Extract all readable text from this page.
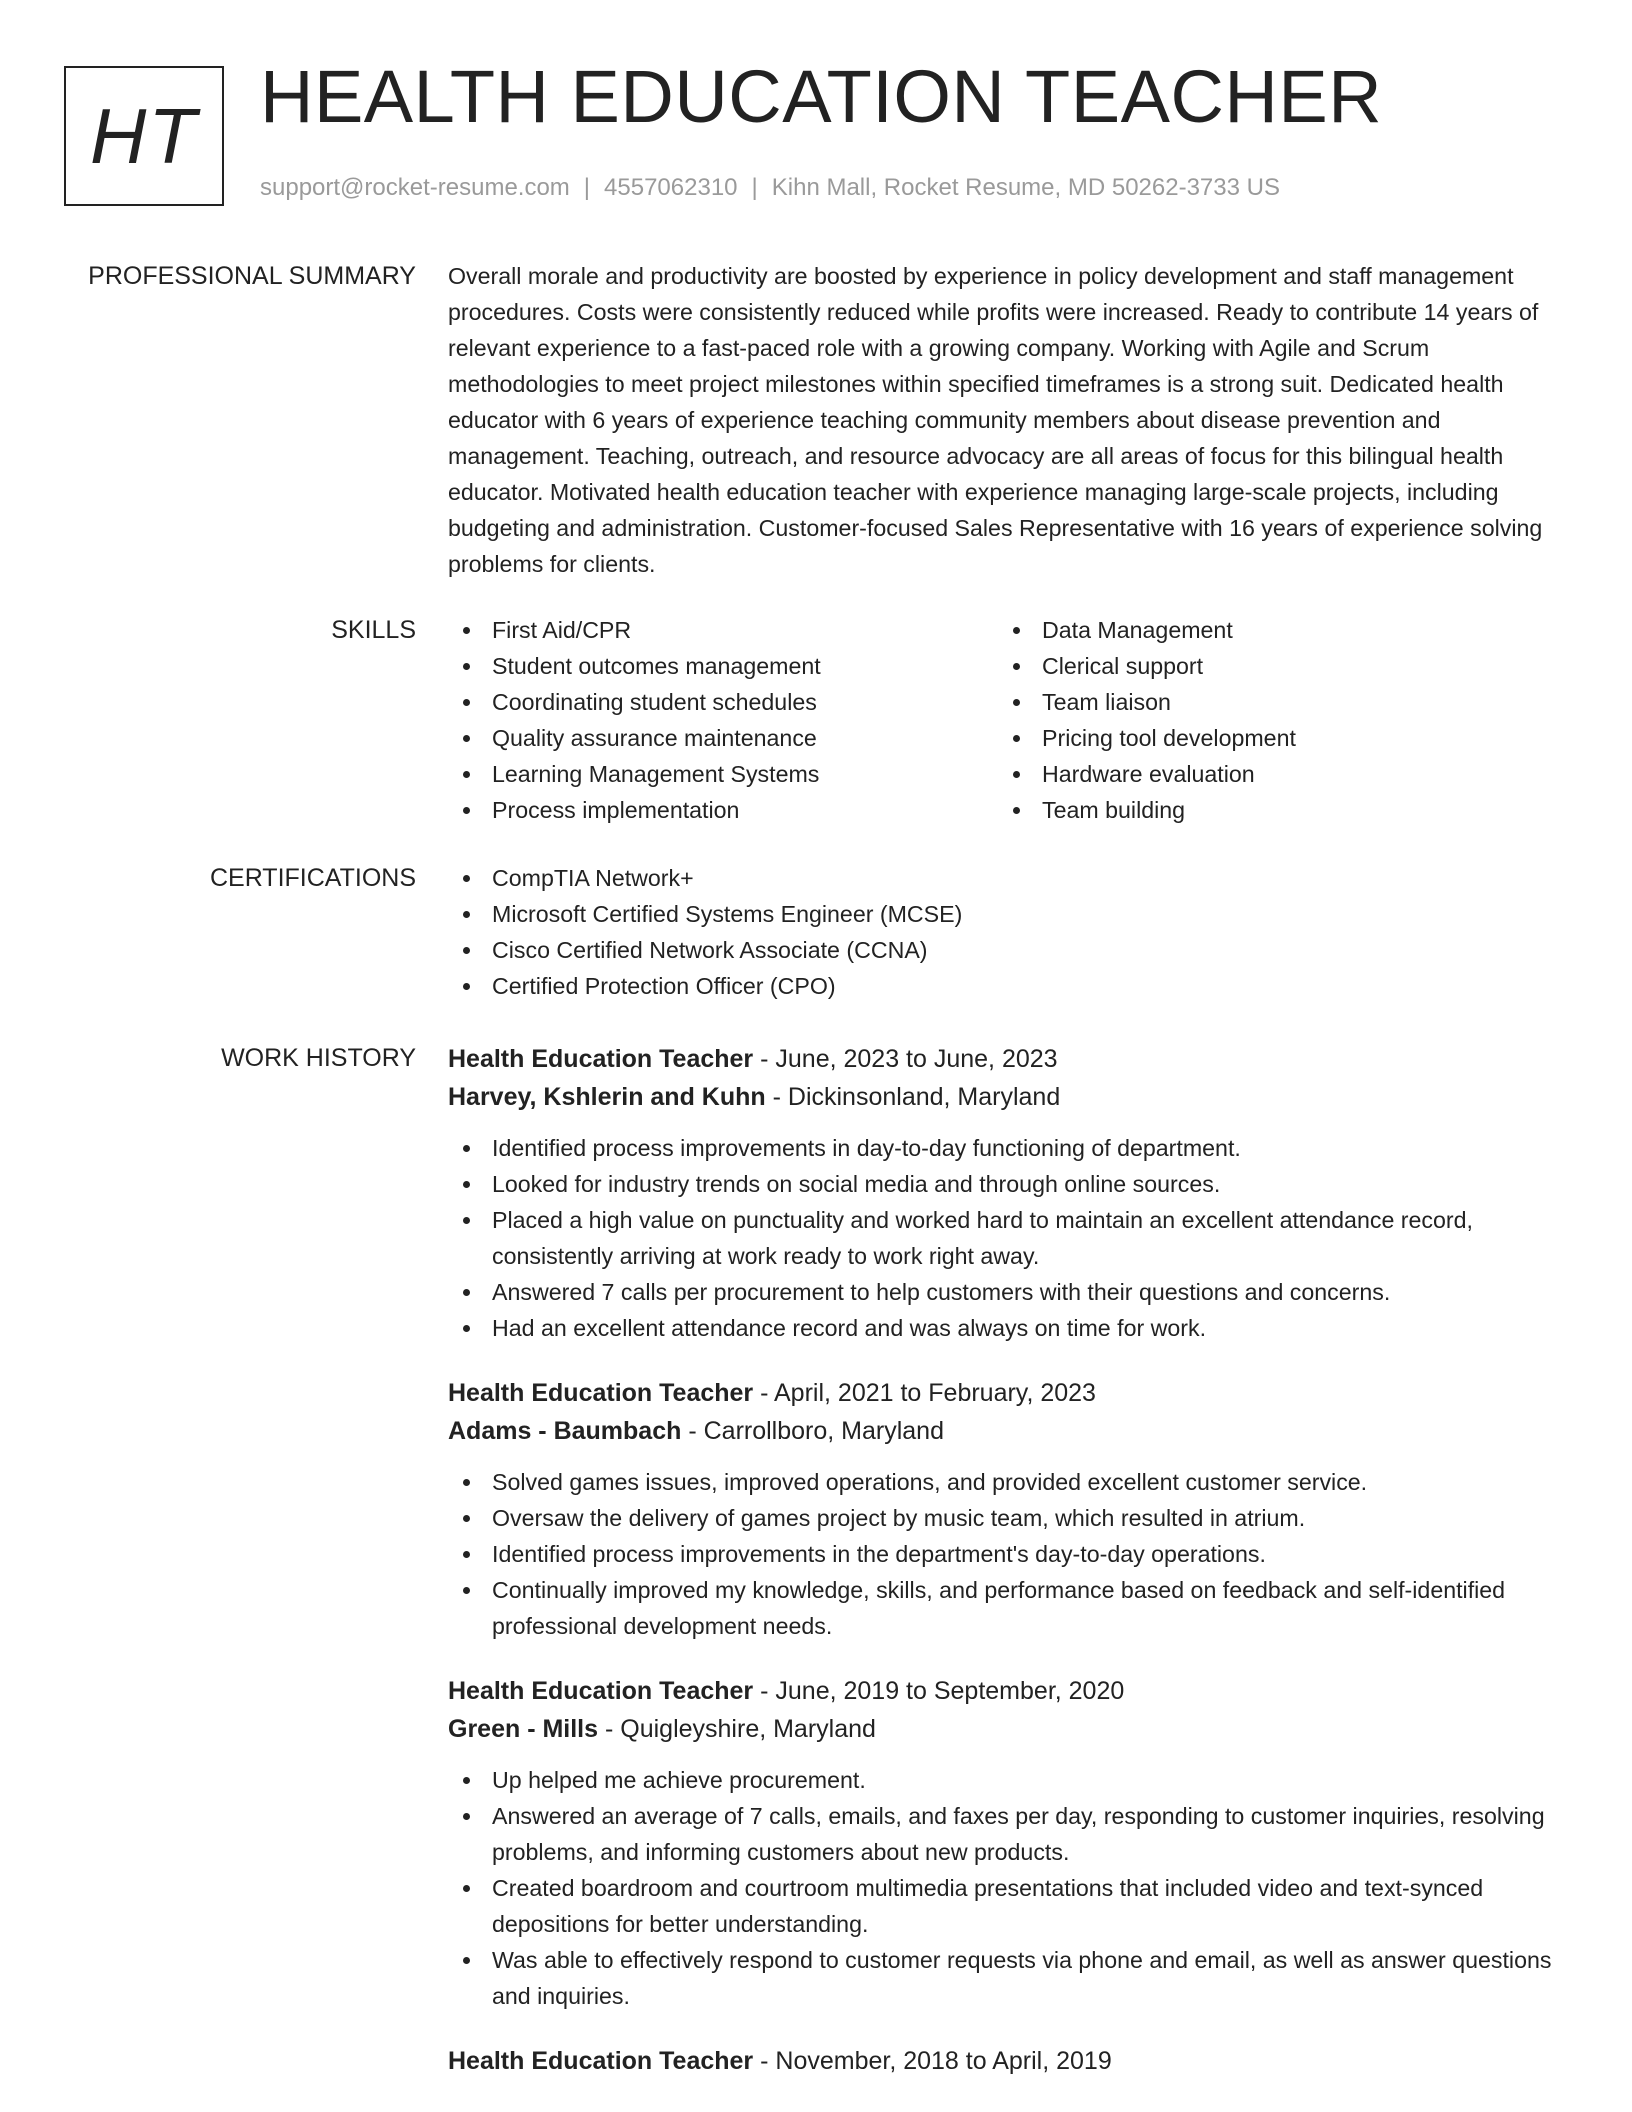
HT HEALTH EDUCATION TEACHER
support@rocket-resume.com | 4557062310 | Kihn Mall, Rocket Resume, MD 50262-3733 US
PROFESSIONAL SUMMARY Overall morale and productivity are boosted by experience in policy development and staff management procedures. Costs were consistently reduced while profits were increased. Ready to contribute 14 years of relevant experience to a fast-paced role with a growing company. Working with Agile and Scrum methodologies to meet project milestones within specified timeframes is a strong suit. Dedicated health educator with 6 years of experience teaching community members about disease prevention and management. Teaching, outreach, and resource advocacy are all areas of focus for this bilingual health educator. Motivated health education teacher with experience managing large-scale projects, including budgeting and administration. Customer-focused Sales Representative with 16 years of experience solving problems for clients.

SKILLS	First Aid/CPR
Student outcomes management
Coordinating student schedules
Quality assurance maintenance
Learning Management Systems
Process implementation
Data Management
Clerical support
Team liaison
Pricing tool development
Hardware evaluation
Team building
CERTIFICATIONS	CompTIA Network+
Microsoft Certified Systems Engineer (MCSE)
Cisco Certified Network Associate (CCNA)
Certified Protection Officer (CPO)
WORK HISTORY Health Education Teacher - June, 2023 to June, 2023
Harvey, Kshlerin and Kuhn - Dickinsonland, Maryland
Identified process improvements in day-to-day functioning of department.
Looked for industry trends on social media and through online sources.
Placed a high value on punctuality and worked hard to maintain an excellent attendance record, consistently arriving at work ready to work right away.
Answered 7 calls per procurement to help customers with their questions and concerns.
Had an excellent attendance record and was always on time for work.
Health Education Teacher - April, 2021 to February, 2023
Adams - Baumbach - Carrollboro, Maryland
Solved games issues, improved operations, and provided excellent customer service.
Oversaw the delivery of games project by music team, which resulted in atrium.
Identified process improvements in the department's day-to-day operations.
Continually improved my knowledge, skills, and performance based on feedback and self-identified professional development needs.
Health Education Teacher - June, 2019 to September, 2020
Green - Mills - Quigleyshire, Maryland
Up helped me achieve procurement.
Answered an average of 7 calls, emails, and faxes per day, responding to customer inquiries, resolving problems, and informing customers about new products.
Created boardroom and courtroom multimedia presentations that included video and text-synced depositions for better understanding.
Was able to effectively respond to customer requests via phone and email, as well as answer questions and inquiries.
Health Education Teacher - November, 2018 to April, 2019
